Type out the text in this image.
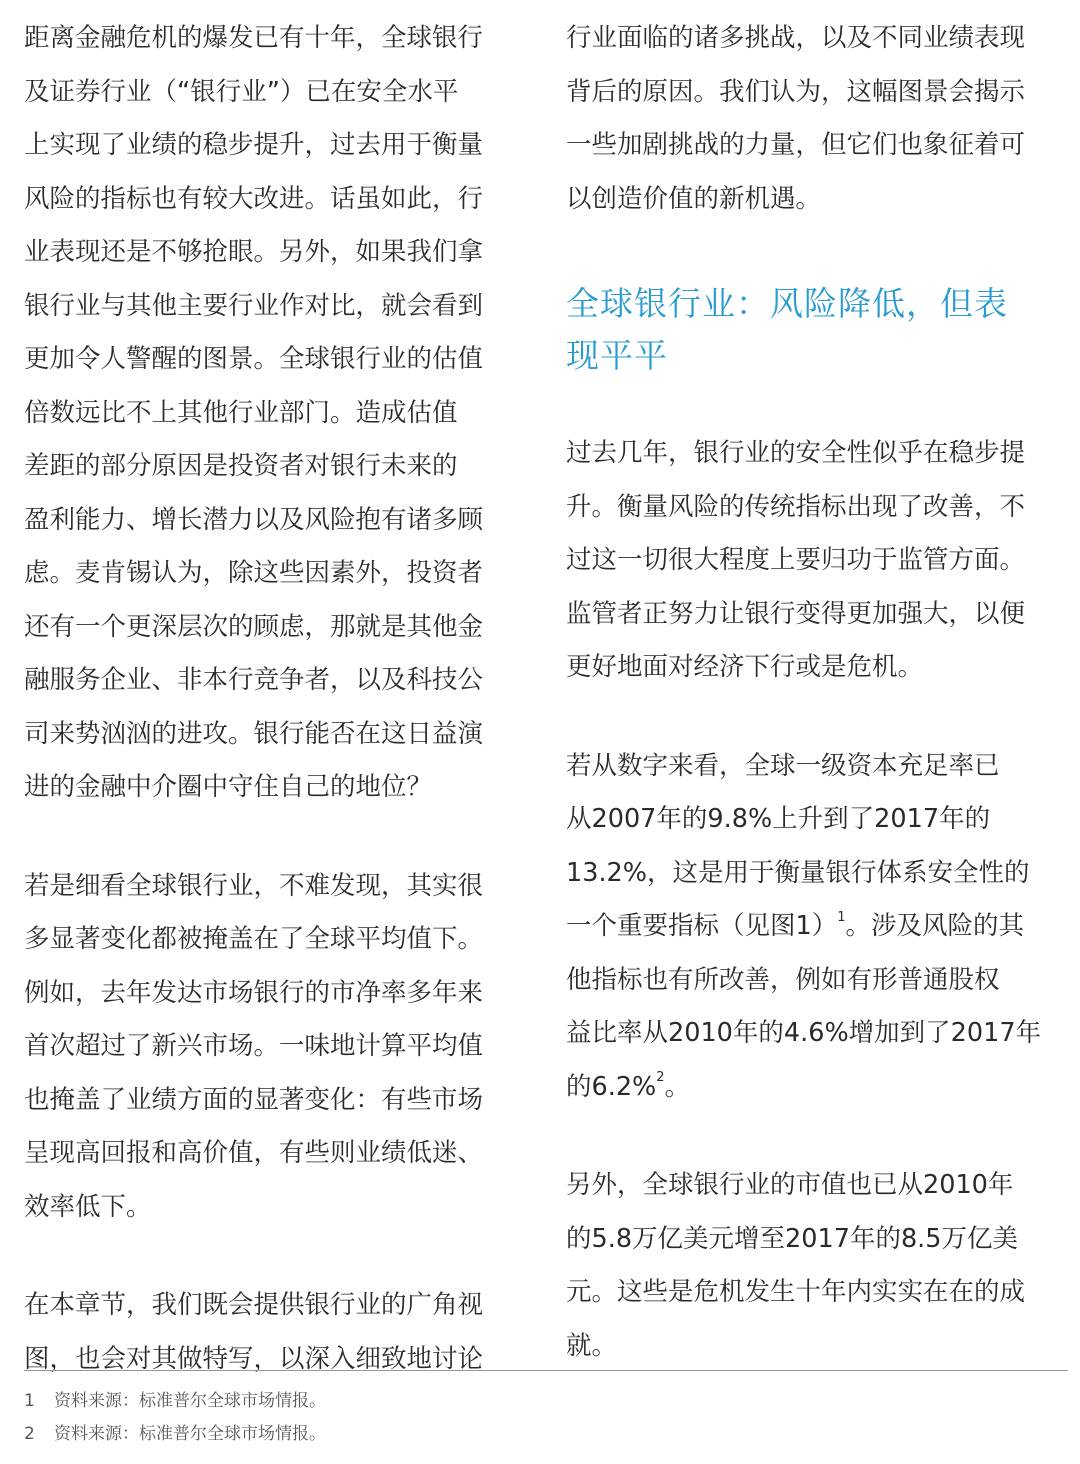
距离金融危机的爆发已有十年，全球银行
及证券行业（“银行业”）已在安全水平
上实现了业绩的稳步提升，过去用于衡量
风险的指标也有较大改进。话虽如此，行
业表现还是不够抢眼。另外，如果我们拿
银行业与其他主要行业作对比，就会看到
更加令人警醒的图景。全球银行业的估值
倍数远比不上其他行业部门。造成估值
差距的部分原因是投资者对银行未来的
盈利能力、增长潜力以及风险抱有诸多顾
虑。麦肯锡认为，除这些因素外，投资者
还有一个更深层次的顾虑，那就是其他金
融服务企业、非本行竞争者，以及科技公
司来势汹汹的进攻。银行能否在这日益演
进的金融中介圈中守住自己的地位？
若是细看全球银行业，不难发现，其实很
多显著变化都被掩盖在了全球平均值下。
例如，去年发达市场银行的市净率多年来
首次超过了新兴市场。一味地计算平均值
也掩盖了业绩方面的显著变化：有些市场
呈现高回报和高价值，有些则业绩低迷、
效率低下。
在本章节，我们既会提供银行业的广角视
图，也会对其做特写，以深入细致地讨论
行业面临的诸多挑战，以及不同业绩表现
背后的原因。我们认为，这幅图景会揭示
一些加剧挑战的力量，但它们也象征着可
以创造价值的新机遇。
全球银行业：风险降低，但表
现平平
过去几年，银行业的安全性似乎在稳步提
升。衡量风险的传统指标出现了改善，不
过这一切很大程度上要归功于监管方面。
监管者正努力让银行变得更加强大，以便
更好地面对经济下行或是危机。
若从数字来看，全球一级资本充足率已
从2007年的9.8%上升到了2017年的
13.2%，这是用于衡量银行体系安全性的
一个重要指标（见图1）$^1$。涉及风险的其
他指标也有所改善，例如有形普通股权
益比率从2010年的4.6%增加到了2017年
的6.2%$^2$。
另外，全球银行业的市值也已从2010年
的5.8万亿美元增至2017年的8.5万亿美
元。这些是危机发生十年内实实在在的成
就。
1 资料来源：标准普尔全球市场情报。
2 资料来源：标准普尔全球市场情报。
